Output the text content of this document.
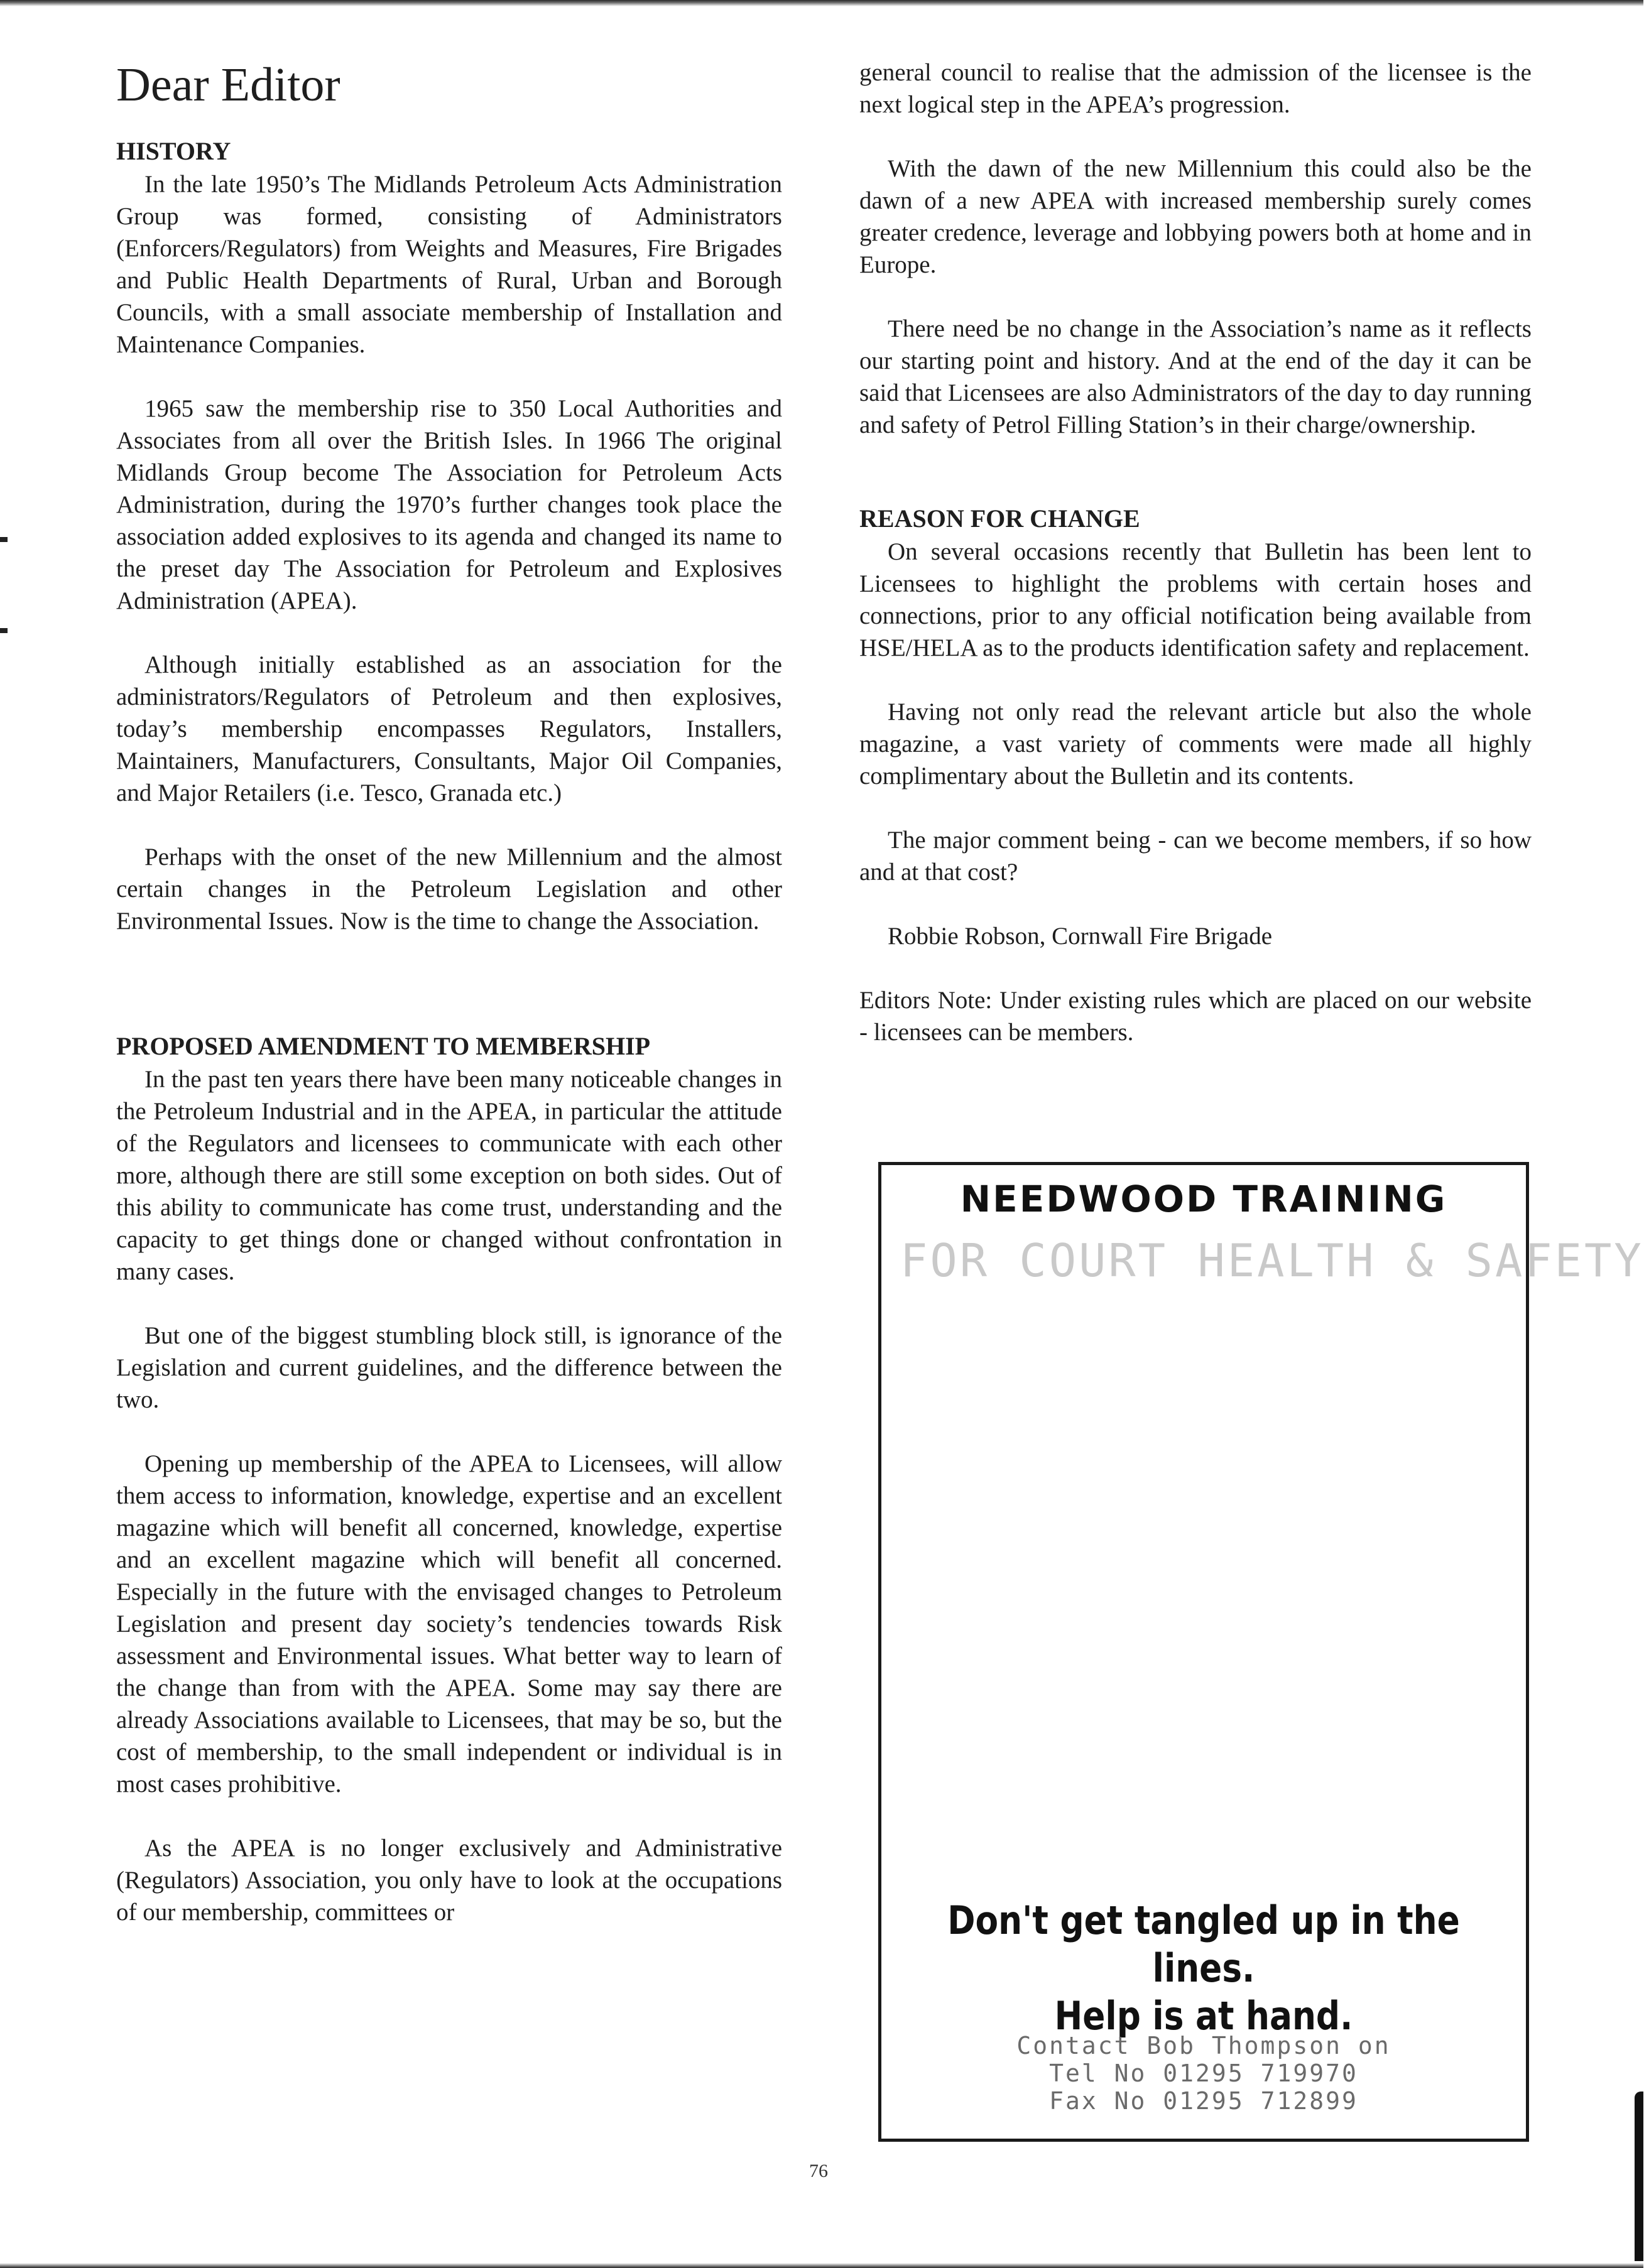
Dear Editor
HISTORY

In the late 1950’s The Midlands Petroleum Acts Administration Group was formed, consisting of Administrators (Enforcers/Regulators) from Weights and Measures, Fire Brigades and Public Health Departments of Rural, Urban and Borough Councils, with a small associate membership of Installation and Maintenance Companies.

1965 saw the membership rise to 350 Local Authorities and Associates from all over the British Isles. In 1966 The original Midlands Group become The Association for Petroleum Acts Administration, during the 1970’s further changes took place the association added explosives to its agenda and changed its name to the preset day The Association for Petroleum and Explosives Administration (APEA).

Although initially established as an association for the administrators/Regulators of Petroleum and then explosives, today’s membership encompasses Regulators, Installers, Maintainers, Manufacturers, Consultants, Major Oil Companies, and Major Retailers (i.e. Tesco, Granada etc.)

Perhaps with the onset of the new Millennium and the almost certain changes in the Petroleum Legislation and other Environmental Issues. Now is the time to change the Association.

PROPOSED AMENDMENT TO MEMBERSHIP

In the past ten years there have been many noticeable changes in the Petroleum Industrial and in the APEA, in particular the attitude of the Regulators and licensees to communicate with each other more, although there are still some exception on both sides. Out of this ability to communicate has come trust, understanding and the capacity to get things done or changed without confrontation in many cases.

But one of the biggest stumbling block still, is ignorance of the Legislation and current guidelines, and the difference between the two.

Opening up membership of the APEA to Licensees, will allow them access to information, knowledge, expertise and an excellent magazine which will benefit all concerned, knowledge, expertise and an excellent magazine which will benefit all concerned. Especially in the future with the envisaged changes to Petroleum Legislation and present day society’s tendencies towards Risk assessment and Environmental issues. What better way to learn of the change than from with the APEA. Some may say there are already Associations available to Licensees, that may be so, but the cost of membership, to the small independent or individual is in most cases prohibitive.

As the APEA is no longer exclusively and Administrative (Regulators) Association, you only have to look at the occupations of our membership, committees or

general council to realise that the admission of the licensee is the next logical step in the APEA’s progression.

With the dawn of the new Millennium this could also be the dawn of a new APEA with increased membership surely comes greater credence, leverage and lobbying powers both at home and in Europe.

There need be no change in the Association’s name as it reflects our starting point and history. And at the end of the day it can be said that Licensees are also Administrators of the day to day running and safety of Petrol Filling Station’s in their charge/ownership.

REASON FOR CHANGE

On several occasions recently that Bulletin has been lent to Licensees to highlight the problems with certain hoses and connections, prior to any official notification being available from HSE/HELA as to the products identification safety and replacement.

Having not only read the relevant article but also the whole magazine, a vast variety of comments were made all highly complimentary about the Bulletin and its contents.

The major comment being - can we become members, if so how and at that cost?

Robbie Robson, Cornwall Fire Brigade

Editors Note: Under existing rules which are placed on our website - licensees can be members.

NEEDWOOD TRAINING
FOR COURT HEALTH & SAFETY
Don't get tangled up in the lines.
Help is at hand.
Contact Bob Thompson on
Tel No 01295 719970
Fax No 01295 712899
76
